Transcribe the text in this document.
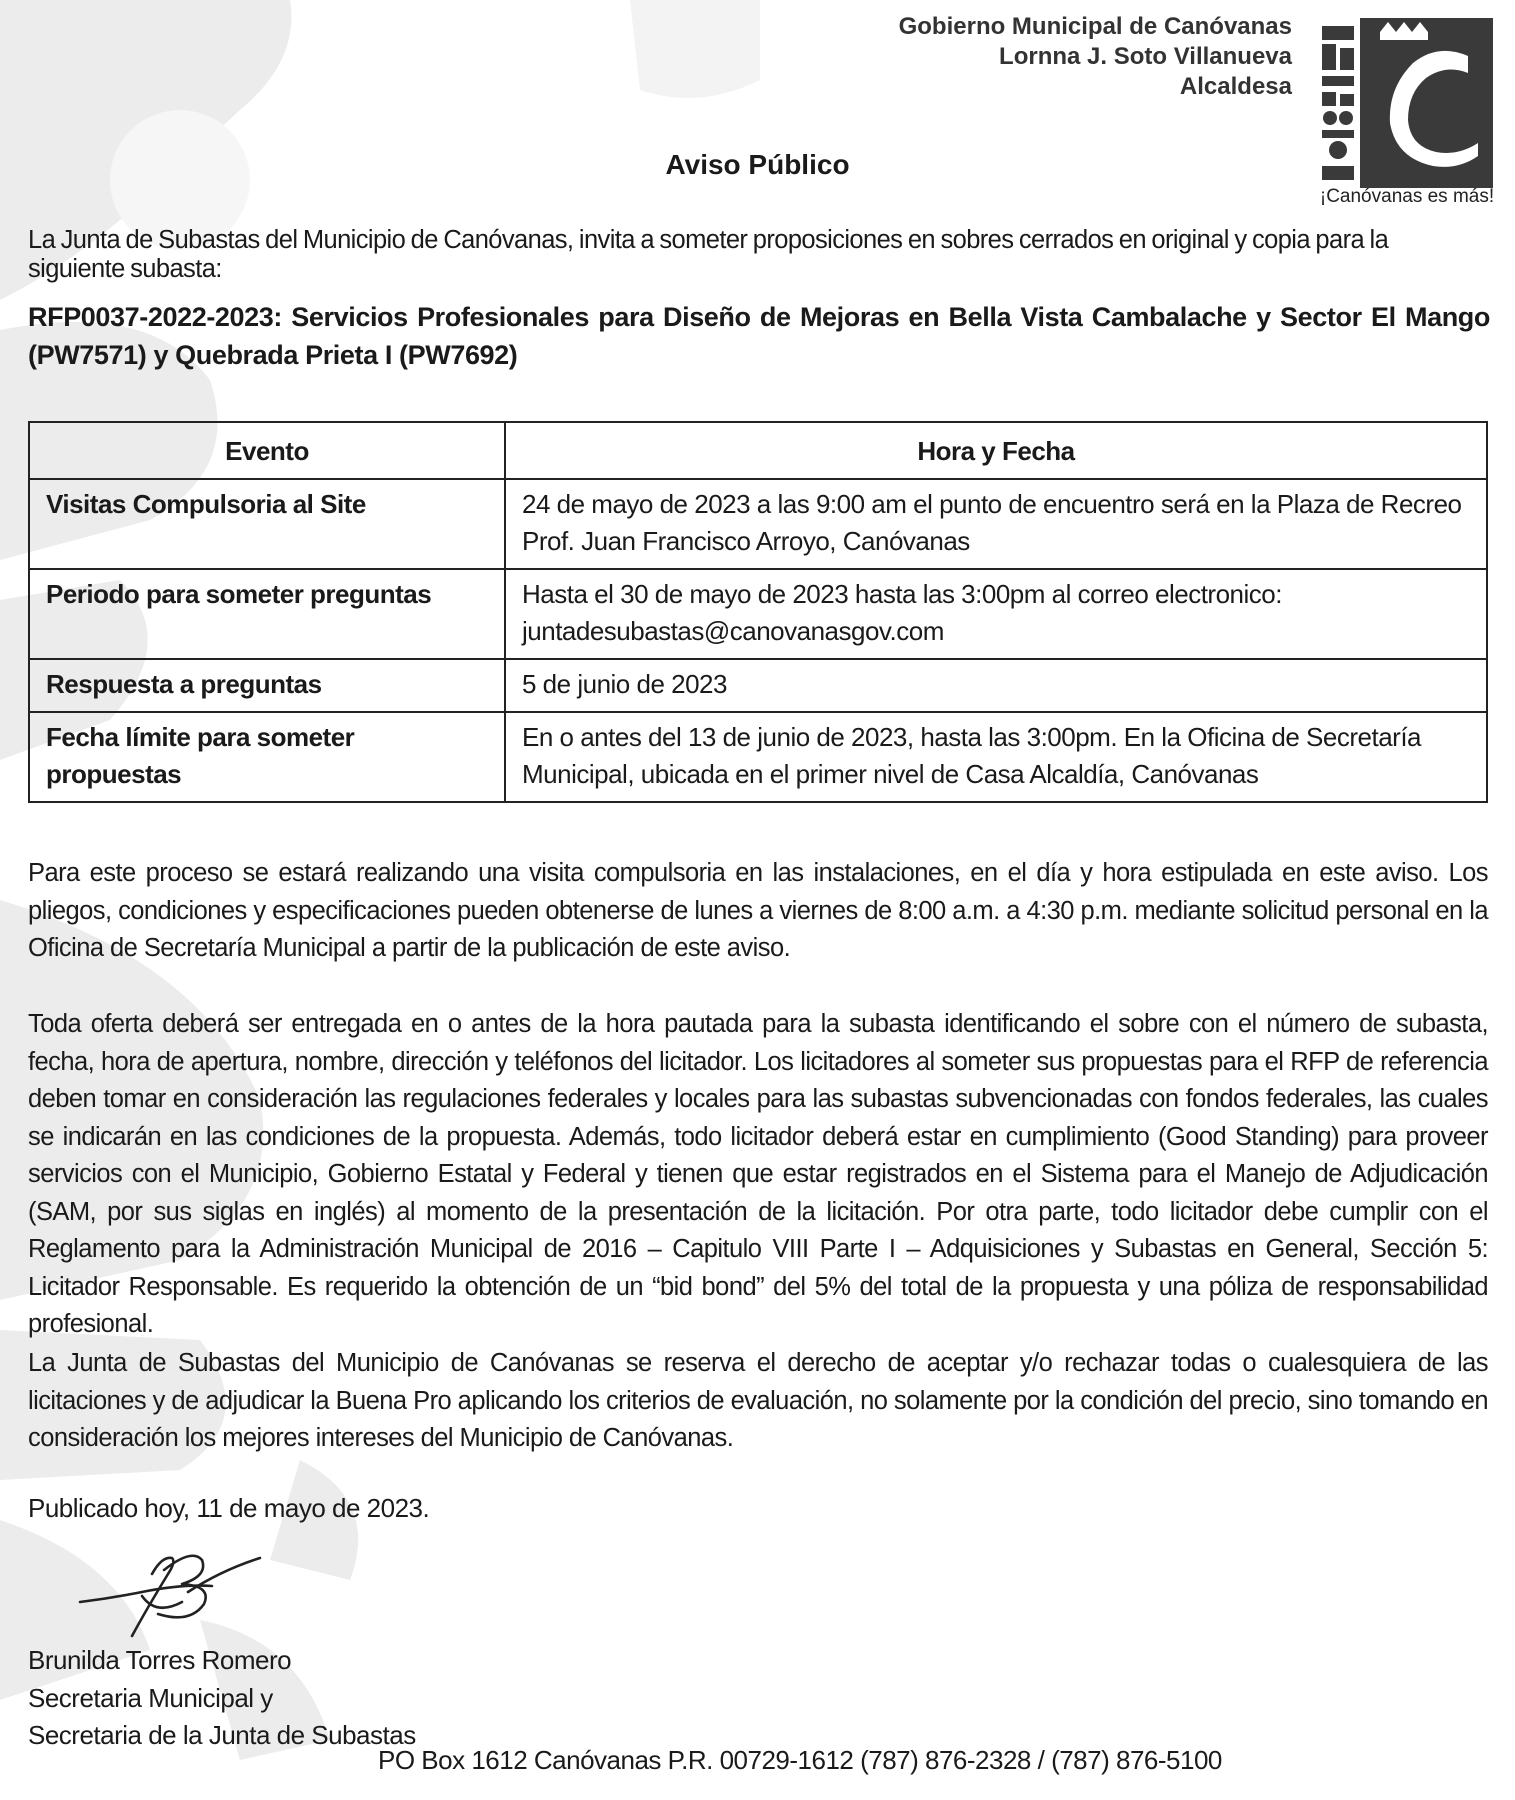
Gobierno Municipal de Canóvanas
Lornna J. Soto Villanueva
Alcaldesa
¡Canóvanas es más!
Aviso Público
La Junta de Subastas del Municipio de Canóvanas, invita a someter proposiciones en sobres cerrados en original y copia para la siguiente subasta:
RFP0037-2022-2023: Servicios Profesionales para Diseño de Mejoras en Bella Vista Cambalache y Sector El Mango (PW7571) y Quebrada Prieta I (PW7692)
Evento	Hora y Fecha
Visitas Compulsoria al Site	24 de mayo de 2023 a las 9:00 am el punto de encuentro será en la Plaza de Recreo Prof. Juan Francisco Arroyo, Canóvanas
Periodo para someter preguntas	Hasta el 30 de mayo de 2023 hasta las 3:00pm al correo electronico: juntadesubastas@canovanasgov.com
Respuesta a preguntas	5 de junio de 2023
Fecha límite para someter propuestas	En o antes del 13 de junio de 2023, hasta las 3:00pm. En la Oficina de Secretaría Municipal, ubicada en el primer nivel de Casa Alcaldía, Canóvanas
Para este proceso se estará realizando una visita compulsoria en las instalaciones, en el día y hora estipulada en este aviso. Los pliegos, condiciones y especificaciones pueden obtenerse de lunes a viernes de 8:00 a.m. a 4:30 p.m. mediante solicitud personal en la Oficina de Secretaría Municipal a partir de la publicación de este aviso.
Toda oferta deberá ser entregada en o antes de la hora pautada para la subasta identificando el sobre con el número de subasta, fecha, hora de apertura, nombre, dirección y teléfonos del licitador. Los licitadores al someter sus propuestas para el RFP de referencia deben tomar en consideración las regulaciones federales y locales para las subastas subvencionadas con fondos federales, las cuales se indicarán en las condiciones de la propuesta. Además, todo licitador deberá estar en cumplimiento (Good Standing) para proveer servicios con el Municipio, Gobierno Estatal y Federal y tienen que estar registrados en el Sistema para el Manejo de Adjudicación (SAM, por sus siglas en inglés) al momento de la presentación de la licitación. Por otra parte, todo licitador debe cumplir con el Reglamento para la Administración Municipal de 2016 – Capitulo VIII Parte I – Adquisiciones y Subastas en General, Sección 5: Licitador Responsable. Es requerido la obtención de un “bid bond” del 5% del total de la propuesta y una póliza de responsabilidad profesional.
La Junta de Subastas del Municipio de Canóvanas se reserva el derecho de aceptar y/o rechazar todas o cualesquiera de las licitaciones y de adjudicar la Buena Pro aplicando los criterios de evaluación, no solamente por la condición del precio, sino tomando en consideración los mejores intereses del Municipio de Canóvanas.
Publicado hoy, 11 de mayo de 2023.
Brunilda Torres Romero
Secretaria Municipal y
Secretaria de la Junta de Subastas
PO Box 1612 Canóvanas P.R. 00729-1612 (787) 876-2328 / (787) 876-5100
